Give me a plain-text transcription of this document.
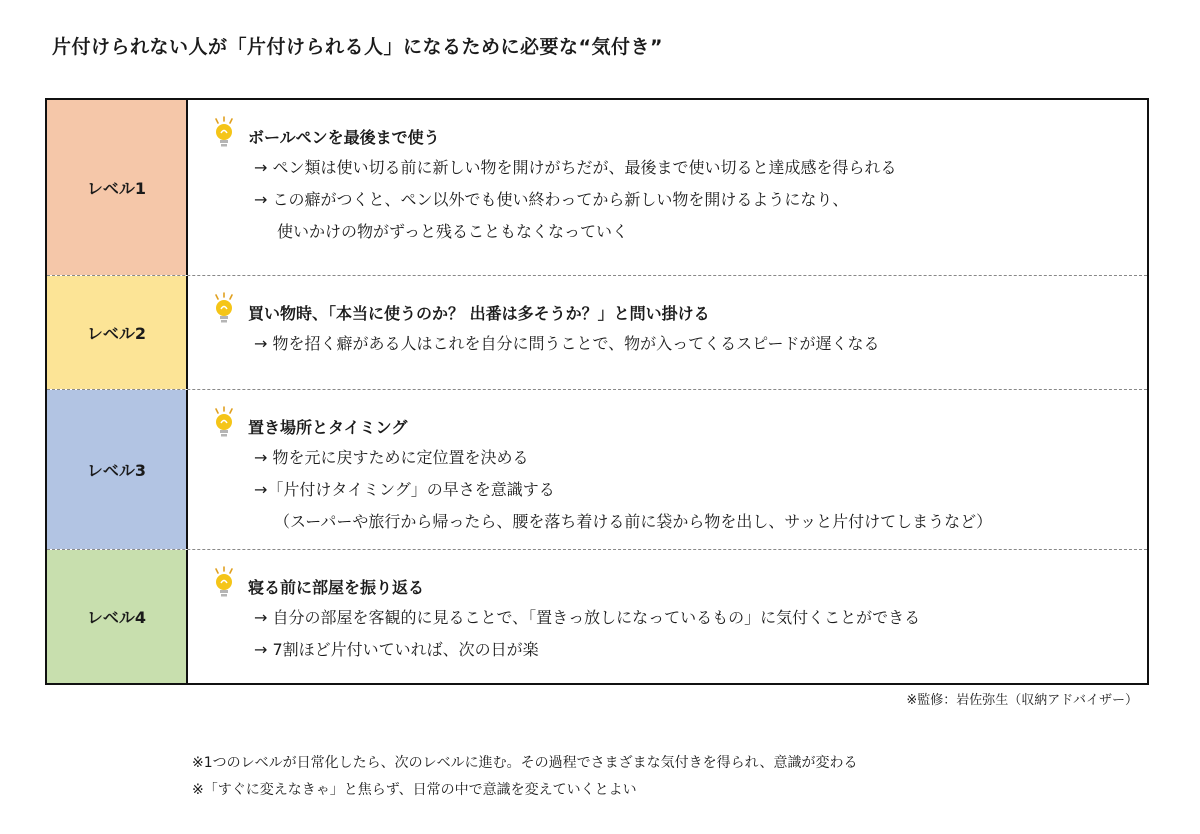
片付けられない人が「片付けられる人」になるために必要な“気付き”
レベル1
ボールペンを最後まで使う
→ ペン類は使い切る前に新しい物を開けがちだが、最後まで使い切ると達成感を得られる
→ この癖がつくと、ペン以外でも使い終わってから新しい物を開けるようになり、
使いかけの物がずっと残ることもなくなっていく
レベル2
買い物時、「本当に使うのか？ 出番は多そうか？」と問い掛ける
→ 物を招く癖がある人はこれを自分に問うことで、物が入ってくるスピードが遅くなる
レベル3
置き場所とタイミング
→ 物を元に戻すために定位置を決める
→「片付けタイミング」の早さを意識する
（スーパーや旅行から帰ったら、腰を落ち着ける前に袋から物を出し、サッと片付けてしまうなど）
レベル4
寝る前に部屋を振り返る
→ 自分の部屋を客観的に見ることで、「置きっ放しになっているもの」に気付くことができる
→ 7割ほど片付いていれば、次の日が楽
※監修：岩佐弥生（収納アドバイザー）
※1つのレベルが日常化したら、次のレベルに進む。その過程でさまざまな気付きを得られ、意識が変わる
※「すぐに変えなきゃ」と焦らず、日常の中で意識を変えていくとよい
